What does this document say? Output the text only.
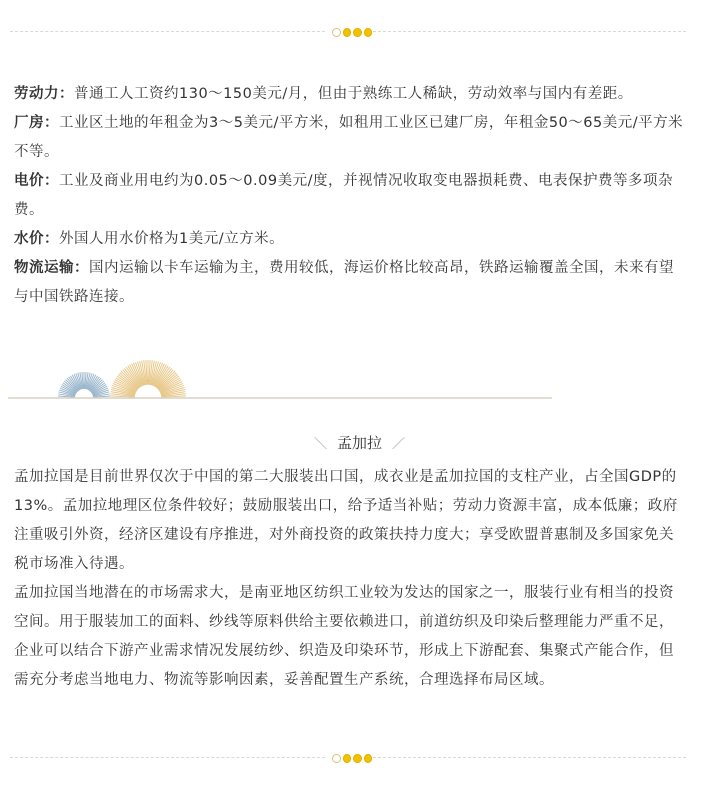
劳动力：普通工人工资约130～150美元/月，但由于熟练工人稀缺，劳动效率与国内有差距。

厂房：工业区土地的年租金为3～5美元/平方米，如租用工业区已建厂房，年租金50～65美元/平方米不等。

电价：工业及商业用电约为0.05～0.09美元/度，并视情况收取变电器损耗费、电表保护费等多项杂费。

水价：外国人用水价格为1美元/立方米。

物流运输：国内运输以卡车运输为主，费用较低，海运价格比较高昂，铁路运输覆盖全国，未来有望与中国铁路连接。

＼ 孟加拉 ／

孟加拉国是目前世界仅次于中国的第二大服装出口国，成衣业是孟加拉国的支柱产业，占全国GDP的13%。孟加拉地理区位条件较好；鼓励服装出口，给予适当补贴；劳动力资源丰富，成本低廉；政府注重吸引外资，经济区建设有序推进，对外商投资的政策扶持力度大；享受欧盟普惠制及多国家免关税市场准入待遇。

孟加拉国当地潜在的市场需求大，是南亚地区纺织工业较为发达的国家之一，服装行业有相当的投资空间。用于服装加工的面料、纱线等原料供给主要依赖进口，前道纺织及印染后整理能力严重不足，企业可以结合下游产业需求情况发展纺纱、织造及印染环节，形成上下游配套、集聚式产能合作，但需充分考虑当地电力、物流等影响因素，妥善配置生产系统，合理选择布局区域。
